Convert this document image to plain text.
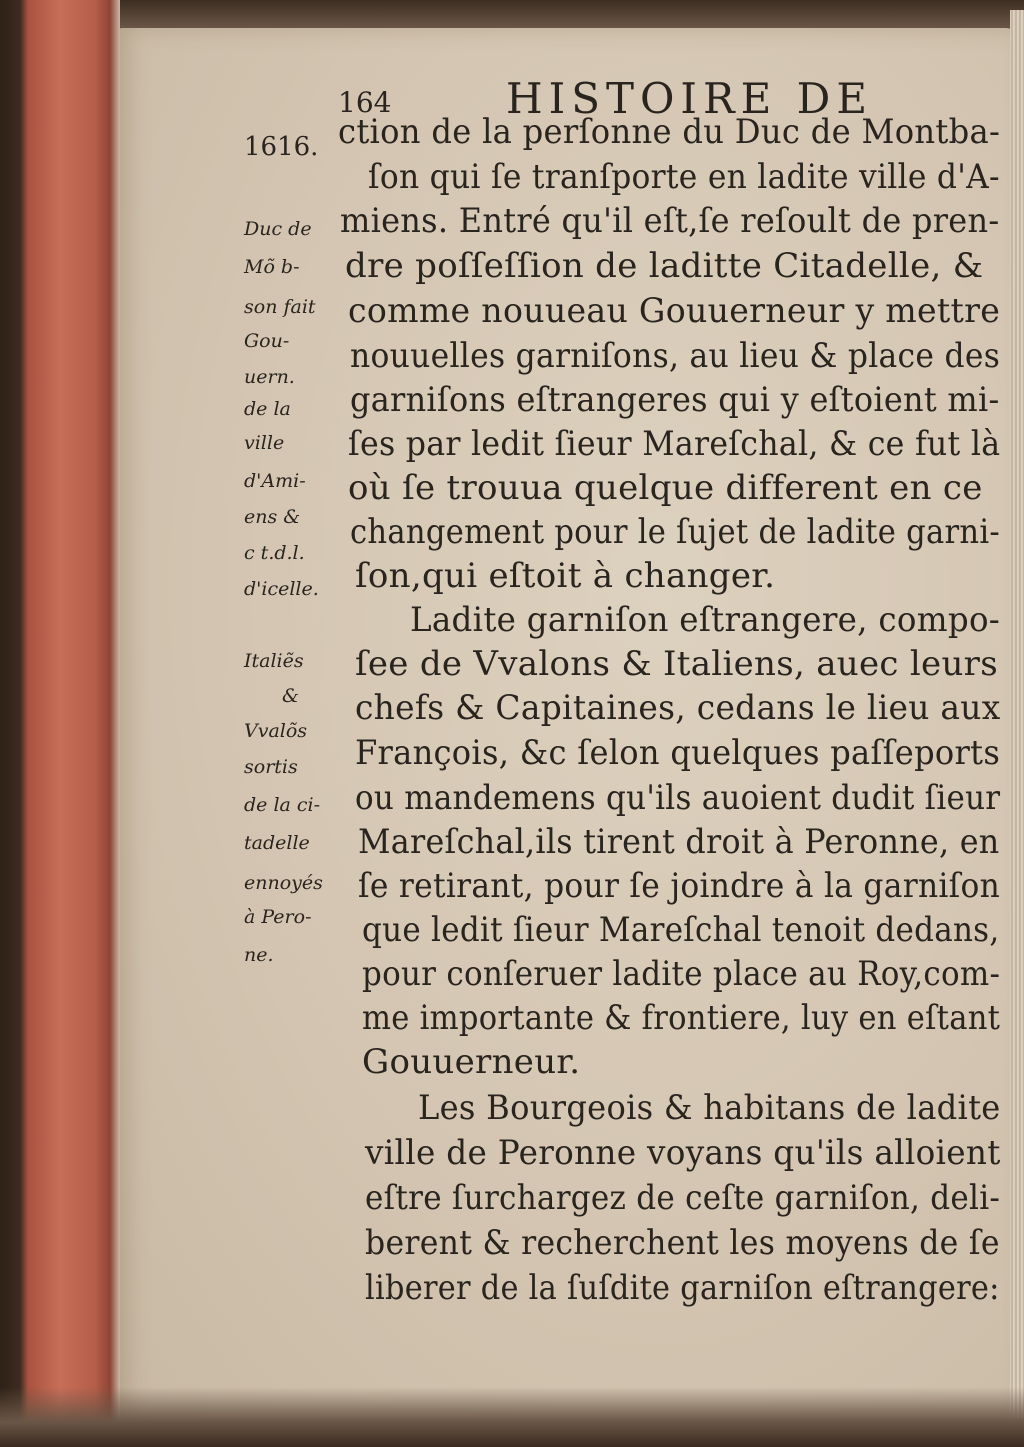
164	HISTOIRE DE
1616.
Duc de
Mõ b-
son fait
Gou-
uern.
de la
ville
d'Ami-
ens &
c t.d.l.
d'icelle.
Italiẽs
&
Vvalõs
sortis
de la ci-
tadelle
ennoyés
à Pero-
ne.
ction de la perſonne du Duc de Montba-
ſon qui ſe tranſporte en ladite ville d'A-
miens. Entré qu'il eſt,ſe reſoult de pren-
dre poſſeſſion de laditte Citadelle, &
comme nouueau Gouuerneur y mettre
nouuelles garniſons, au lieu & place des
garniſons eſtrangeres qui y eſtoient mi-
ſes par ledit ſieur Mareſchal, & ce fut là
où ſe trouua quelque different en ce
changement pour le ſujet de ladite garni-
ſon,qui eſtoit à changer.
Ladite garniſon eſtrangere, compo-
ſee de Vvalons & Italiens, auec leurs
chefs & Capitaines, cedans le lieu aux
François, &c ſelon quelques paſſeports
ou mandemens qu'ils auoient dudit ſieur
Mareſchal,ils tirent droit à Peronne, en
ſe retirant, pour ſe joindre à la garniſon
que ledit ſieur Mareſchal tenoit dedans,
pour conſeruer ladite place au Roy,com-
me importante & frontiere, luy en eſtant
Gouuerneur.
Les Bourgeois & habitans de ladite
ville de Peronne voyans qu'ils alloient
eſtre ſurchargez de ceſte garniſon, deli-
berent & recherchent les moyens de ſe
liberer de la ſuſdite garniſon eſtrangere:
